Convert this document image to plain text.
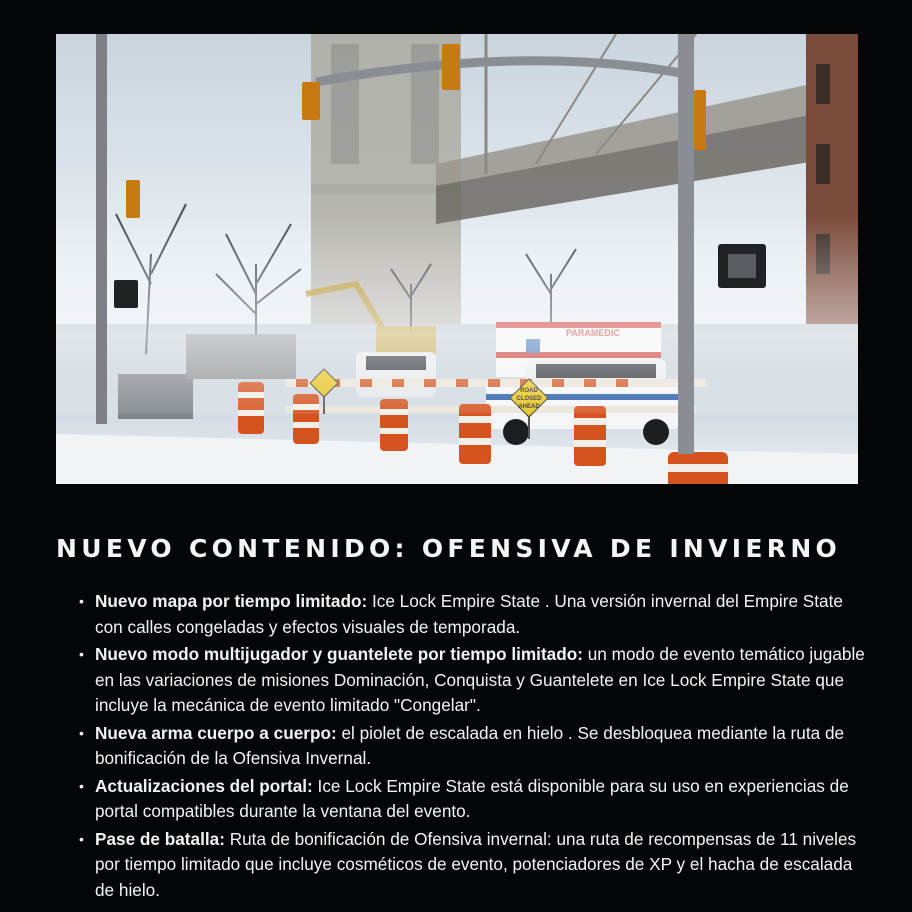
NUEVO CONTENIDO: OFENSIVA DE INVIERNO
• Nuevo mapa por tiempo limitado: Ice Lock Empire State . Una versión invernal del Empire State con calles congeladas y efectos visuales de temporada.
• Nuevo modo multijugador y guantelete por tiempo limitado: un modo de evento temático jugable en las variaciones de misiones Dominación, Conquista y Guantelete en Ice Lock Empire State que incluye la mecánica de evento limitado "Congelar".
• Nueva arma cuerpo a cuerpo: el piolet de escalada en hielo . Se desbloquea mediante la ruta de bonificación de la Ofensiva Invernal.
• Actualizaciones del portal: Ice Lock Empire State está disponible para su uso en experiencias de portal compatibles durante la ventana del evento.
• Pase de batalla: Ruta de bonificación de Ofensiva invernal: una ruta de recompensas de 11 niveles por tiempo limitado que incluye cosméticos de evento, potenciadores de XP y el hacha de escalada de hielo.
